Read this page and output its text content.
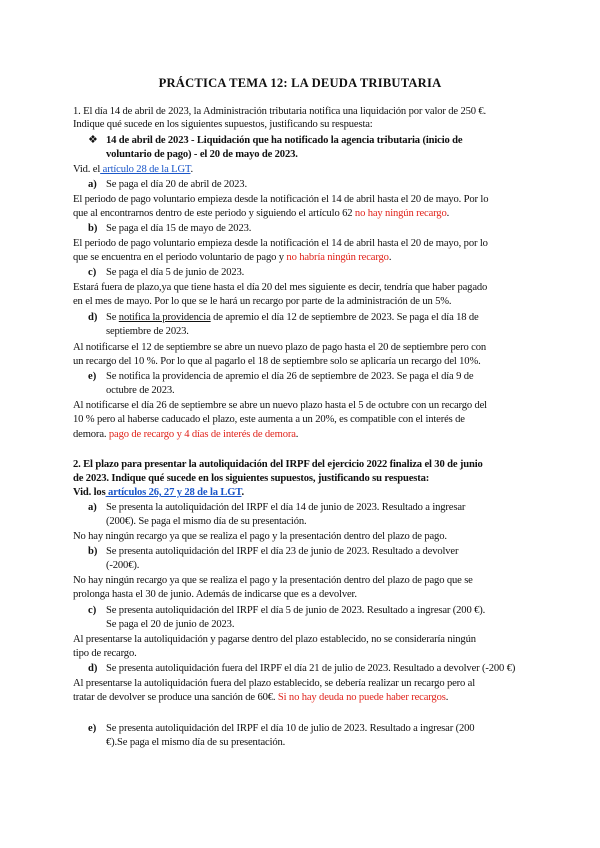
PRÁCTICA TEMA 12: LA DEUDA TRIBUTARIA
1. El día 14 de abril de 2023, la Administración tributaria notifica una liquidación por valor de 250 €.
Indique qué sucede en los siguientes supuestos, justificando su respuesta:
❖ 14 de abril de 2023 - Liquidación que ha notificado la agencia tributaria (inicio de
voluntario de pago) - el 20 de mayo de 2023.
Vid. el artículo 28 de la LGT.
a) Se paga el día 20 de abril de 2023.
El periodo de pago voluntario empieza desde la notificación el 14 de abril hasta el 20 de mayo. Por lo
que al encontrarnos dentro de este periodo y siguiendo el artículo 62 no hay ningún recargo.
b) Se paga el día 15 de mayo de 2023.
El periodo de pago voluntario empieza desde la notificación el 14 de abril hasta el 20 de mayo, por lo
que se encuentra en el periodo voluntario de pago y no habría ningún recargo.
c) Se paga el día 5 de junio de 2023.
Estará fuera de plazo,ya que tiene hasta el día 20 del mes siguiente es decir, tendría que haber pagado
en el mes de mayo. Por lo que se le hará un recargo por parte de la administración de un 5%.
d) Se notifica la providencia de apremio el día 12 de septiembre de 2023. Se paga el día 18 de
septiembre de 2023.
Al notificarse el 12 de septiembre se abre un nuevo plazo de pago hasta el 20 de septiembre pero con
un recargo del 10 %. Por lo que al pagarlo el 18 de septiembre solo se aplicaría un recargo del 10%.
e) Se notifica la providencia de apremio el día 26 de septiembre de 2023. Se paga el día 9 de
octubre de 2023.
Al notificarse el día 26 de septiembre se abre un nuevo plazo hasta el 5 de octubre con un recargo del
10 % pero al haberse caducado el plazo, este aumenta a un 20%, es compatible con el interés de
demora. pago de recargo y 4 días de interés de demora.
2. El plazo para presentar la autoliquidación del IRPF del ejercicio 2022 finaliza el 30 de junio
de 2023. Indique qué sucede en los siguientes supuestos, justificando su respuesta:
Vid. los artículos 26, 27 y 28 de la LGT.
a) Se presenta la autoliquidación del IRPF el día 14 de junio de 2023. Resultado a ingresar
(200€). Se paga el mismo día de su presentación.
No hay ningún recargo ya que se realiza el pago y la presentación dentro del plazo de pago.
b) Se presenta autoliquidación del IRPF el día 23 de junio de 2023. Resultado a devolver
(-200€).
No hay ningún recargo ya que se realiza el pago y la presentación dentro del plazo de pago que se
prolonga hasta el 30 de junio. Además de indicarse que es a devolver.
c) Se presenta autoliquidación del IRPF el día 5 de junio de 2023. Resultado a ingresar (200 €).
Se paga el 20 de junio de 2023.
Al presentarse la autoliquidación y pagarse dentro del plazo establecido, no se consideraría ningún
tipo de recargo.
d) Se presenta autoliquidación fuera del IRPF el día 21 de julio de 2023. Resultado a devolver (-200 €)
Al presentarse la autoliquidación fuera del plazo establecido, se debería realizar un recargo pero al
tratar de devolver se produce una sanción de 60€. Si no hay deuda no puede haber recargos.
e) Se presenta autoliquidación del IRPF el día 10 de julio de 2023. Resultado a ingresar (200
€).Se paga el mismo día de su presentación.
